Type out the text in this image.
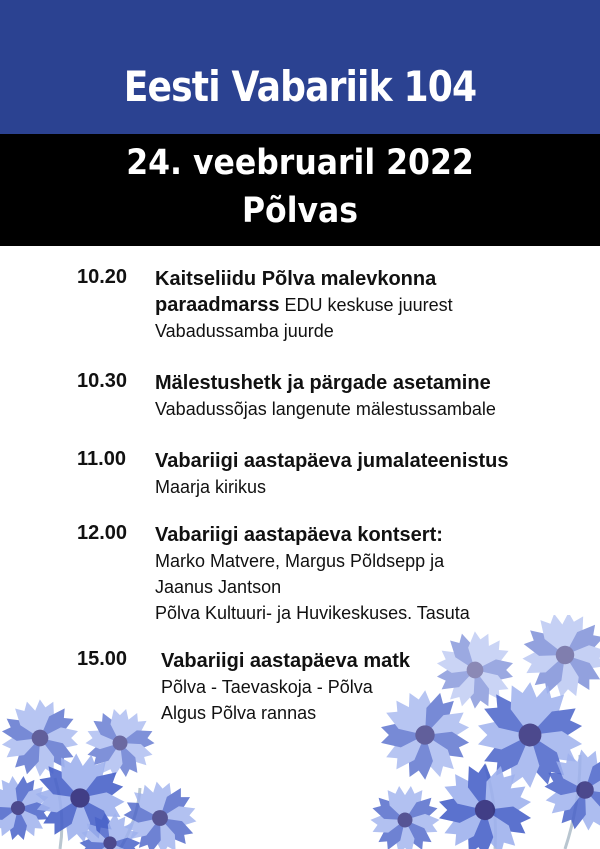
Eesti Vabariik 104
24. veebruaril 2022
Põlvas
10.20 Kaitseliidu Põlva malevkonna
paraadmarss EDU keskuse juurest
Vabadussamba juurde
10.30 Mälestushetk ja pärgade asetamine
Vabadussõjas langenute mälestussambale
11.00 Vabariigi aastapäeva jumalateenistus
Maarja kirikus
12.00 Vabariigi aastapäeva kontsert:
Marko Matvere, Margus Põldsepp ja
Jaanus Jantson
Põlva Kultuuri- ja Huvikeskuses. Tasuta
15.00 Vabariigi aastapäeva matk
Põlva - Taevaskoja - Põlva
Algus Põlva rannas
